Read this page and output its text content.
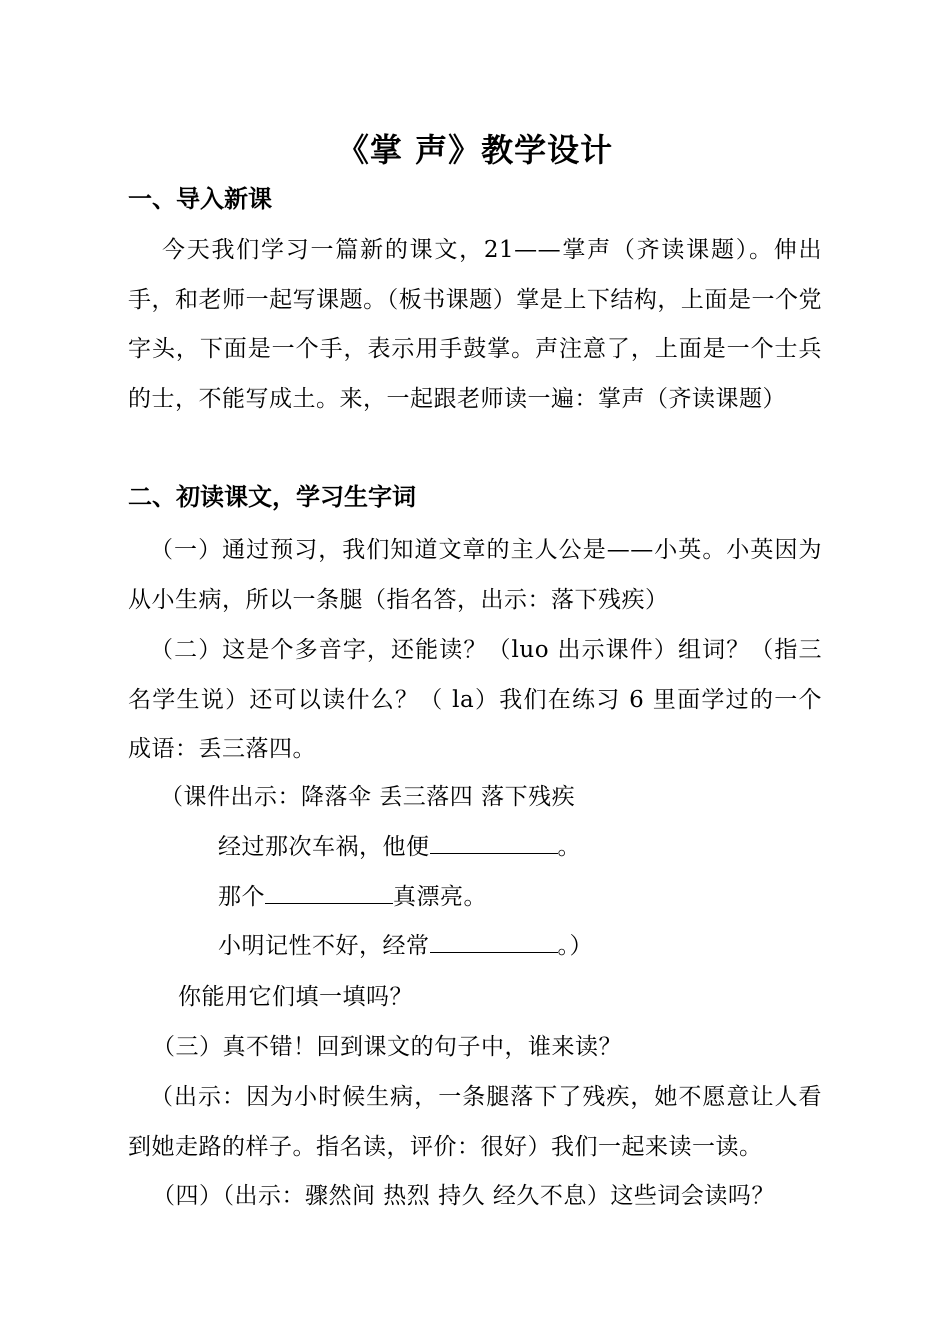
《掌 声》教学设计
一、导入新课
今天我们学习一篇新的课文，21——掌声（齐读课题）。伸出手，和老师一起写课题。（板书课题）掌是上下结构，上面是一个党字头，下面是一个手，表示用手鼓掌。声注意了，上面是一个士兵的士，不能写成土。来，一起跟老师读一遍：掌声（齐读课题）
二、初读课文，学习生字词
（一）通过预习，我们知道文章的主人公是——小英。小英因为从小生病，所以一条腿（指名答，出示：落下残疾）
（二）这是个多音字，还能读？（luo 出示课件）组词？（指三名学生说）还可以读什么？（ la）我们在练习 6 里面学过的一个成语：丢三落四。
（课件出示：降落伞 丢三落四 落下残疾
经过那次车祸，他便	。
那个	真漂亮。
小明记性不好，经常	。）
你能用它们填一填吗？
（三）真不错！回到课文的句子中，谁来读？
（出示：因为小时候生病，一条腿落下了残疾，她不愿意让人看到她走路的样子。指名读，评价：很好）我们一起来读一读。
（四）（出示：骤然间 热烈 持久 经久不息）这些词会读吗？
